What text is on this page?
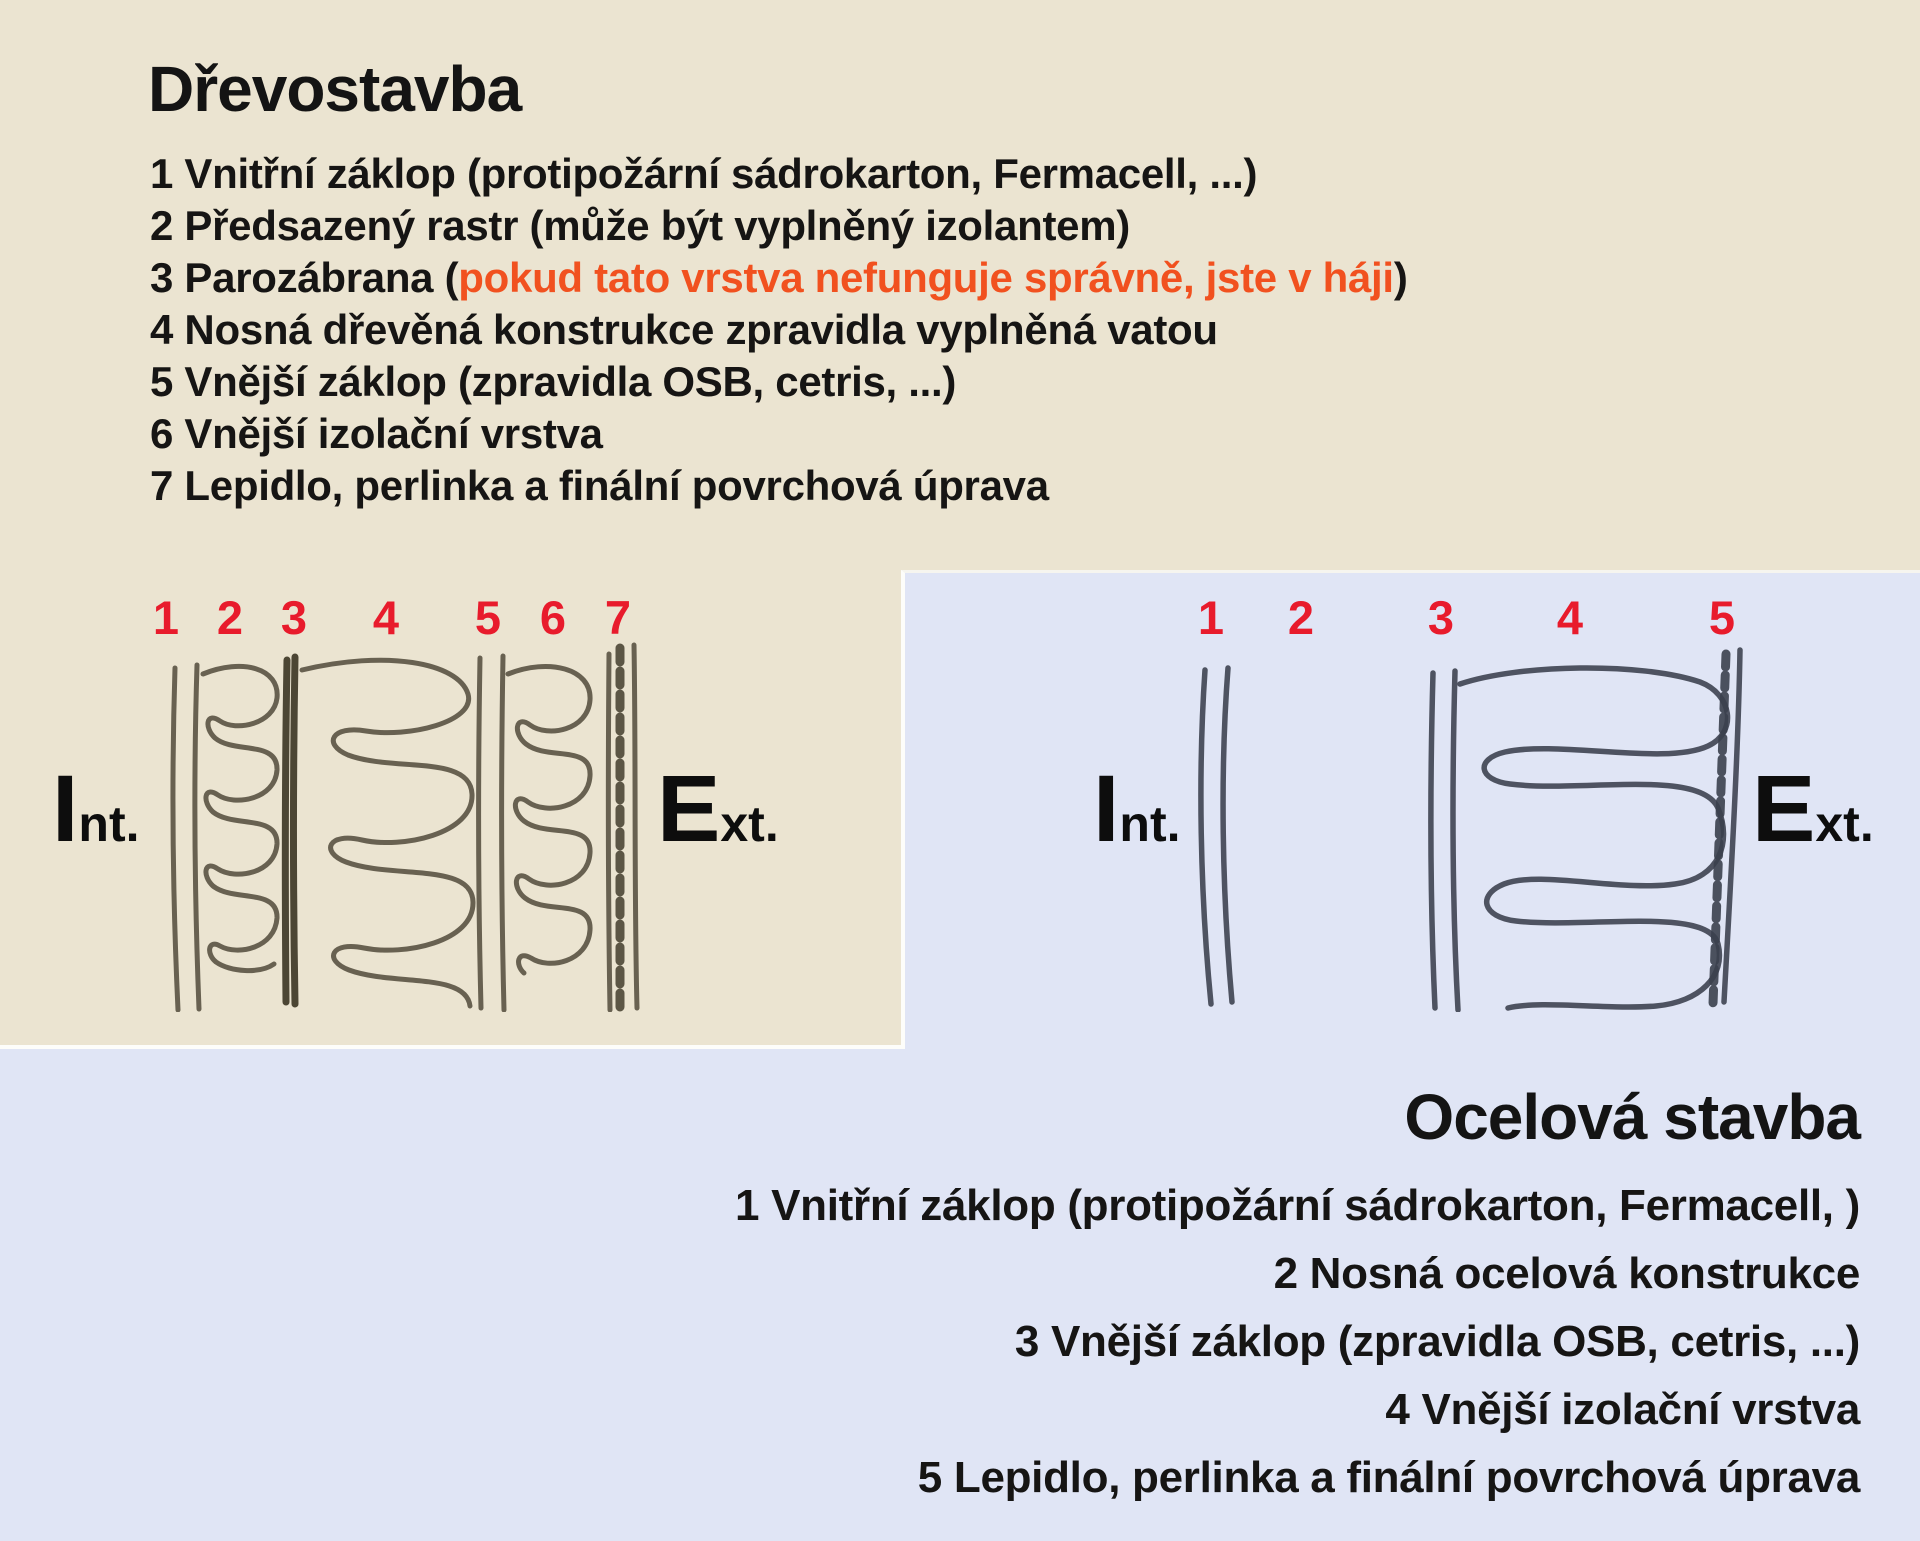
Dřevostavba
1 Vnitřní záklop (protipožární sádrokarton, Fermacell, ...)
2 Předsazený rastr (může být vyplněný izolantem)
3 Parozábrana (pokud tato vrstva nefunguje správně, jste v háji)
4 Nosná dřevěná konstrukce zpravidla vyplněná vatou
5 Vnější záklop (zpravidla OSB, cetris, ...)
6 Vnější izolační vrstva
7 Lepidlo, perlinka a finální povrchová úprava
1 2 3 4 5 6 7
Int.	Ext.
1 2 3 4	5
Int.	Ext.
Ocelová stavba
1 Vnitřní záklop (protipožární sádrokarton, Fermacell, )
2 Nosná ocelová konstrukce
3 Vnější záklop (zpravidla OSB, cetris, ...)
4 Vnější izolační vrstva
5 Lepidlo, perlinka a finální povrchová úprava
